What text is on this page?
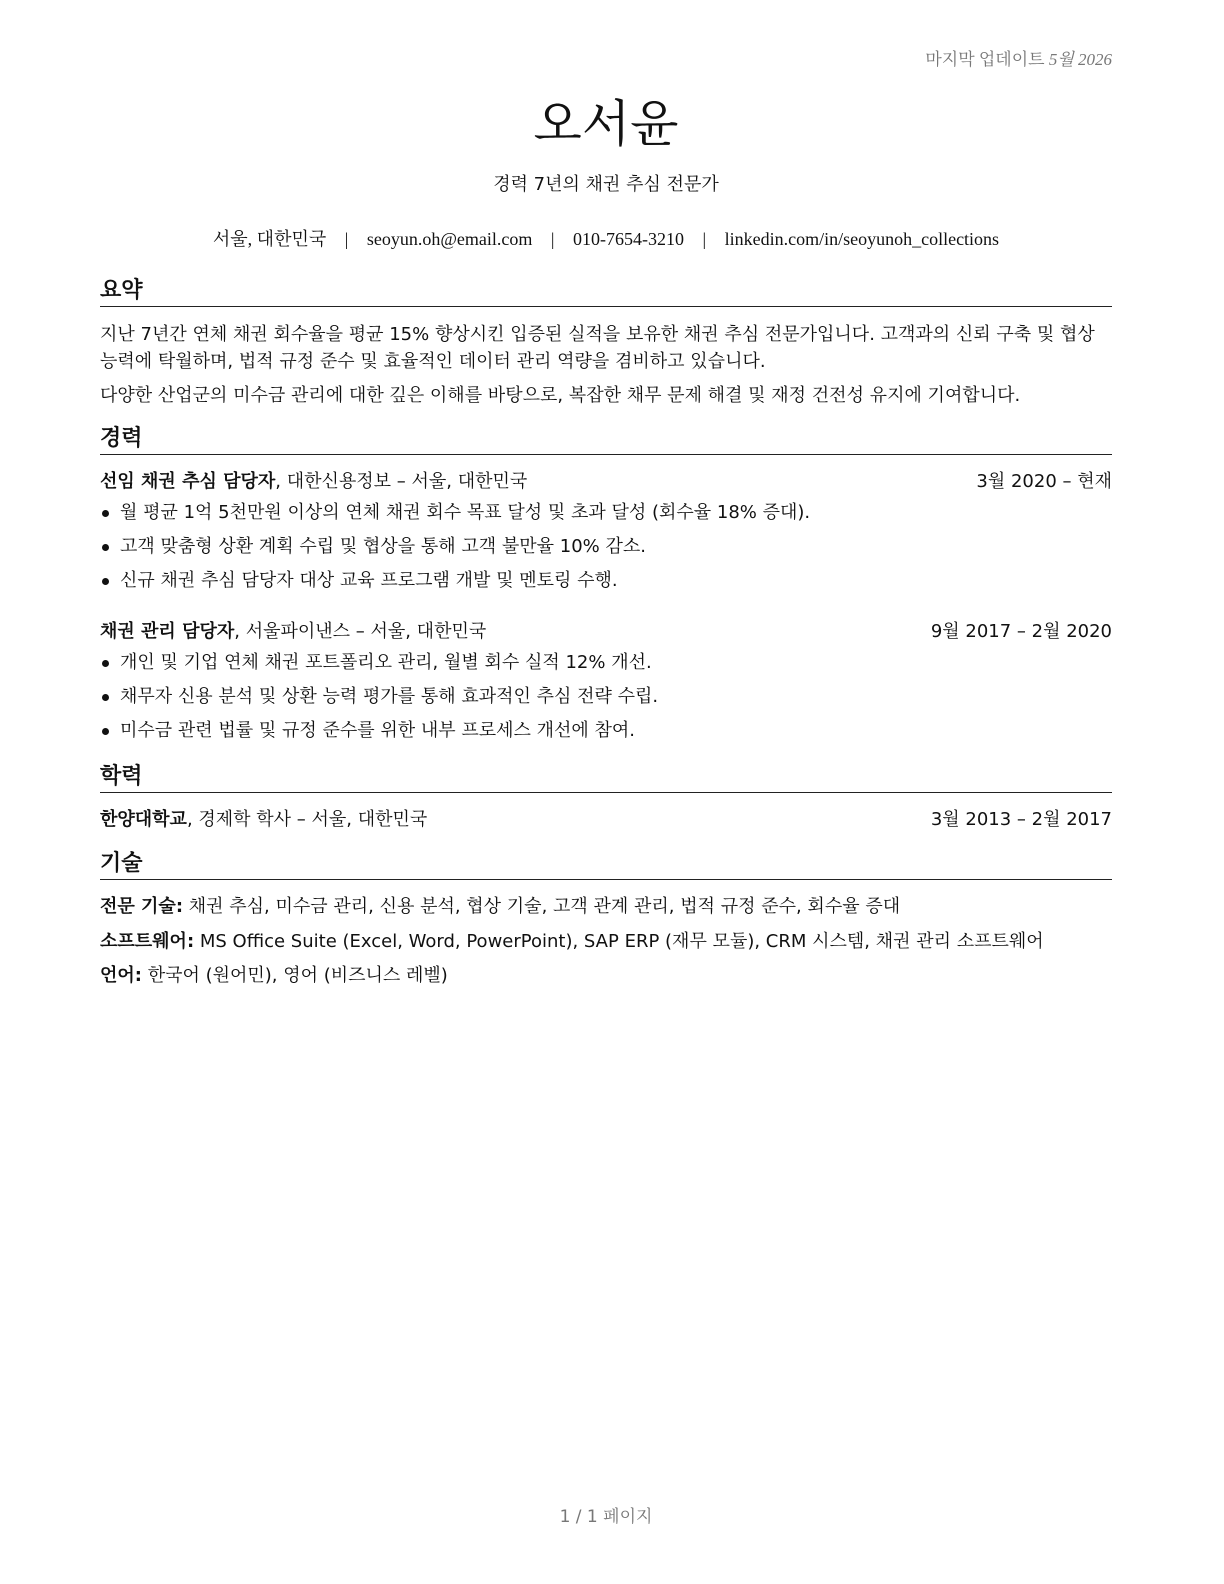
마지막 업데이트 5월 2026
오서윤
경력 7년의 채권 추심 전문가
서울, 대한민국 | seoyun.oh@email.com | 010-7654-3210 | linkedin.com/in/seoyunoh_collections
요약
지난 7년간 연체 채권 회수율을 평균 15% 향상시킨 입증된 실적을 보유한 채권 추심 전문가입니다. 고객과의 신뢰 구축 및 협상 능력에 탁월하며, 법적 규정 준수 및 효율적인 데이터 관리 역량을 겸비하고 있습니다.
다양한 산업군의 미수금 관리에 대한 깊은 이해를 바탕으로, 복잡한 채무 문제 해결 및 재정 건전성 유지에 기여합니다.
경력
선임 채권 추심 담당자, 대한신용정보 – 서울, 대한민국	3월 2020 – 현재
월 평균 1억 5천만원 이상의 연체 채권 회수 목표 달성 및 초과 달성 (회수율 18% 증대).
고객 맞춤형 상환 계획 수립 및 협상을 통해 고객 불만율 10% 감소.
신규 채권 추심 담당자 대상 교육 프로그램 개발 및 멘토링 수행.
채권 관리 담당자, 서울파이낸스 – 서울, 대한민국	9월 2017 – 2월 2020
개인 및 기업 연체 채권 포트폴리오 관리, 월별 회수 실적 12% 개선.
채무자 신용 분석 및 상환 능력 평가를 통해 효과적인 추심 전략 수립.
미수금 관련 법률 및 규정 준수를 위한 내부 프로세스 개선에 참여.
학력
한양대학교, 경제학 학사 – 서울, 대한민국	3월 2013 – 2월 2017
기술
전문 기술: 채권 추심, 미수금 관리, 신용 분석, 협상 기술, 고객 관계 관리, 법적 규정 준수, 회수율 증대
소프트웨어: MS Office Suite (Excel, Word, PowerPoint), SAP ERP (재무 모듈), CRM 시스템, 채권 관리 소프트웨어
언어: 한국어 (원어민), 영어 (비즈니스 레벨)
1 / 1 페이지
